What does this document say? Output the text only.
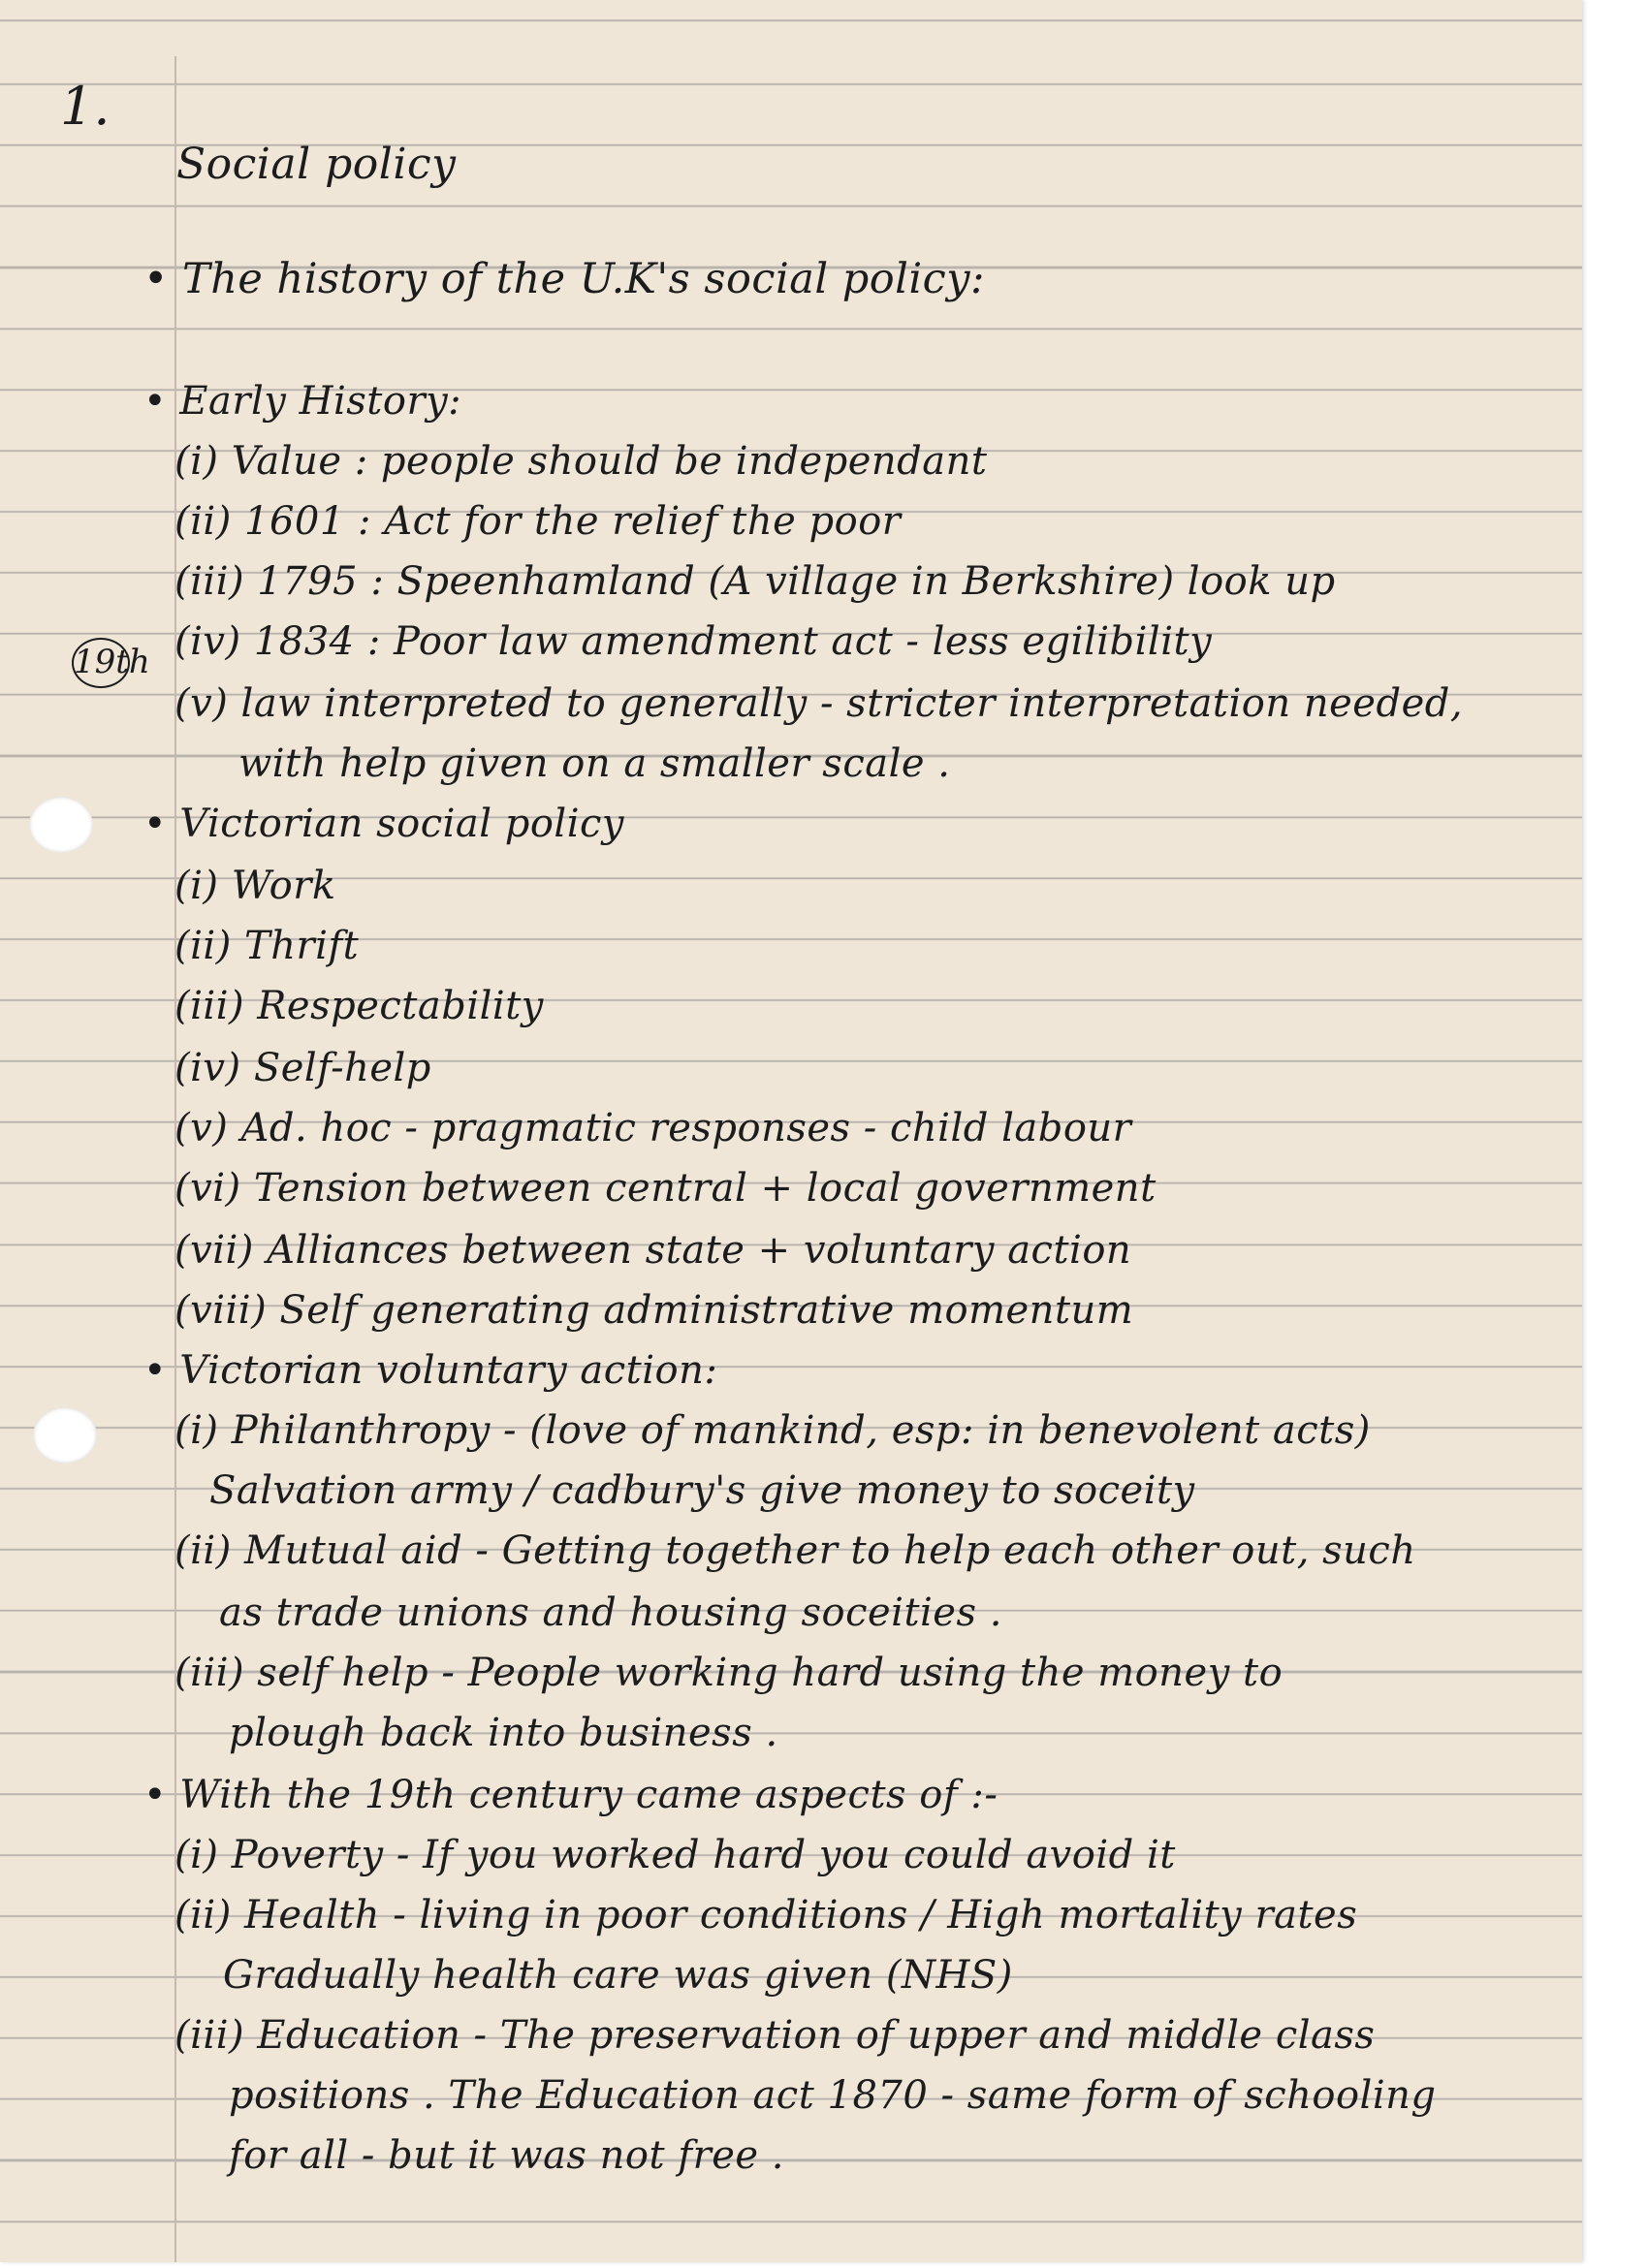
1.
Social policy
19th
• The history of the U.K's social policy:
• Early History:
(i) Value : people should be independant
(ii) 1601 : Act for the relief the poor
(iii) 1795 : Speenhamland (A village in Berkshire) look up
(iv) 1834 : Poor law amendment act - less egilibility
(v) law interpreted to generally - stricter interpretation needed,
with help given on a smaller scale .
• Victorian social policy
(i) Work
(ii) Thrift
(iii) Respectability
(iv) Self-help
(v) Ad. hoc - pragmatic responses - child labour
(vi) Tension between central + local government
(vii) Alliances between state + voluntary action
(viii) Self generating administrative momentum
• Victorian voluntary action:
(i) Philanthropy - (love of mankind, esp: in benevolent acts)
Salvation army / cadbury's give money to soceity
(ii) Mutual aid - Getting together to help each other out, such
as trade unions and housing soceities .
(iii) self help - People working hard using the money to
plough back into business .
• With the 19th century came aspects of :-
(i) Poverty - If you worked hard you could avoid it
(ii) Health - living in poor conditions / High mortality rates
Gradually health care was given (NHS)
(iii) Education - The preservation of upper and middle class
positions . The Education act 1870 - same form of schooling
for all - but it was not free .
